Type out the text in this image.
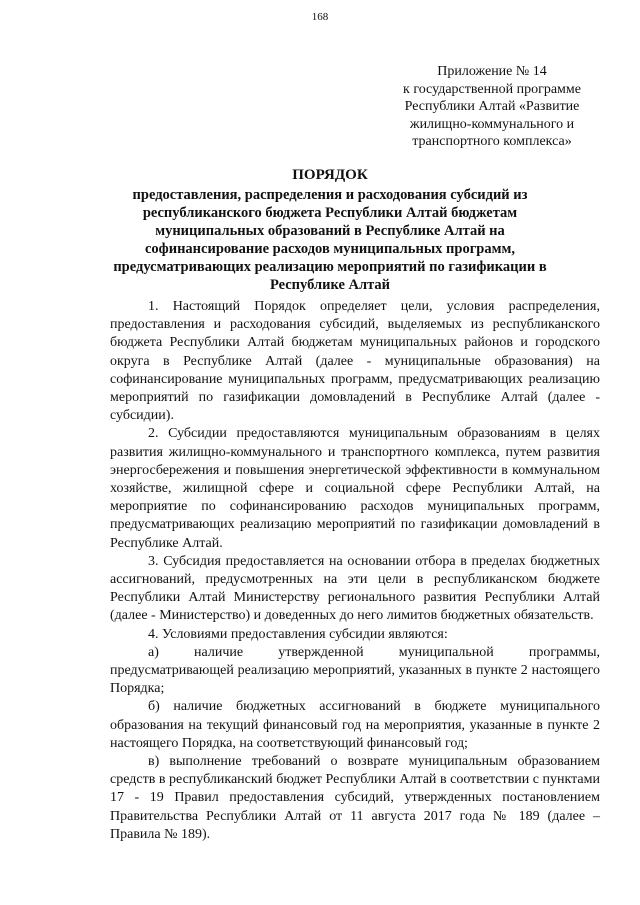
168
Приложение № 14
к государственной программе
Республики Алтай «Развитие
жилищно-коммунального и
транспортного комплекса»
ПОРЯДОК
предоставления, распределения и расходования субсидий из республиканского бюджета Республики Алтай бюджетам муниципальных образований в Республике Алтай на софинансирование расходов муниципальных программ, предусматривающих реализацию мероприятий по газификации в Республике Алтай

1. Настоящий Порядок определяет цели, условия распределения, предоставления и расходования субсидий, выделяемых из республиканского бюджета Республики Алтай бюджетам муниципальных районов и городского округа в Республике Алтай (далее - муниципальные образования) на софинансирование муниципальных программ, предусматривающих реализацию мероприятий по газификации домовладений в Республике Алтай (далее - субсидии).

2. Субсидии предоставляются муниципальным образованиям в целях развития жилищно-коммунального и транспортного комплекса, путем развития энергосбережения и повышения энергетической эффективности в коммунальном хозяйстве, жилищной сфере и социальной сфере Республики Алтай, на мероприятие по софинансированию расходов муниципальных программ, предусматривающих реализацию мероприятий по газификации домовладений в Республике Алтай.

3. Субсидия предоставляется на основании отбора в пределах бюджетных ассигнований, предусмотренных на эти цели в республиканском бюджете Республики Алтай Министерству регионального развития Республики Алтай (далее - Министерство) и доведенных до него лимитов бюджетных обязательств.

4. Условиями предоставления субсидии являются:

а) наличие утвержденной муниципальной программы, предусматривающей реализацию мероприятий, указанных в пункте 2 настоящего Порядка;

б) наличие бюджетных ассигнований в бюджете муниципального образования на текущий финансовый год на мероприятия, указанные в пункте 2 настоящего Порядка, на соответствующий финансовый год;

в) выполнение требований о возврате муниципальным образованием средств в республиканский бюджет Республики Алтай в соответствии с пунктами 17 - 19 Правил предоставления субсидий, утвержденных постановлением Правительства Республики Алтай от 11 августа 2017 года № 189 (далее – Правила № 189).
